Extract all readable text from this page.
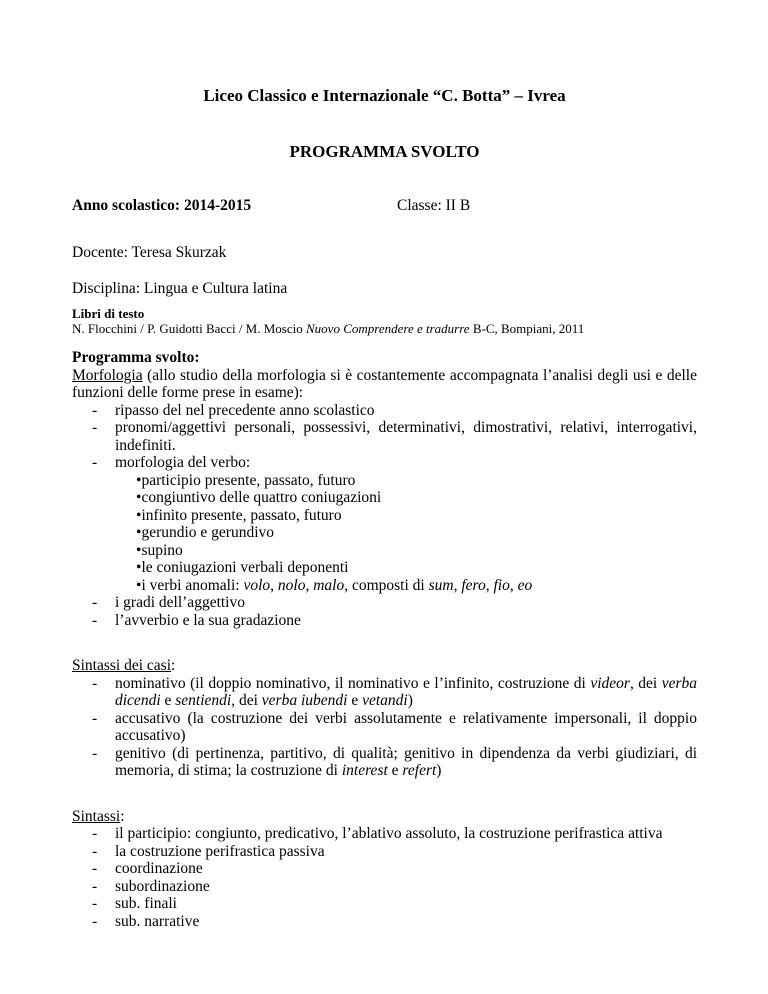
Liceo Classico e Internazionale “C. Botta” – Ivrea
PROGRAMMA SVOLTO
Anno scolastico: 2014-2015	Classe: II B
Docente: Teresa Skurzak
Disciplina: Lingua e Cultura latina
Libri di testo
N. Flocchini / P. Guidotti Bacci / M. Moscio Nuovo Comprendere e tradurre B-C, Bompiani, 2011
Programma svolto:
Morfologia (allo studio della morfologia si è costantemente accompagnata l’analisi degli usi e delle funzioni delle forme prese in esame):
- ripasso del nel precedente anno scolastico
- pronomi/aggettivi personali, possessivi, determinativi, dimostrativi, relativi, interrogativi, indefiniti.
- morfologia del verbo:
•participio presente, passato, futuro
•congiuntivo delle quattro coniugazioni
•infinito presente, passato, futuro
•gerundio e gerundivo
•supino
•le coniugazioni verbali deponenti
•i verbi anomali: volo, nolo, malo, composti di sum, fero, fio, eo
- i gradi dell’aggettivo
- l’avverbio e la sua gradazione
Sintassi dei casi:
- nominativo (il doppio nominativo, il nominativo e l’infinito, costruzione di videor, dei verba dicendi e sentiendi, dei verba iubendi e vetandi)
- accusativo (la costruzione dei verbi assolutamente e relativamente impersonali, il doppio accusativo)
- genitivo (di pertinenza, partitivo, di qualità; genitivo in dipendenza da verbi giudiziari, di memoria, di stima; la costruzione di interest e refert)
Sintassi:
- il participio: congiunto, predicativo, l’ablativo assoluto, la costruzione perifrastica attiva
- la costruzione perifrastica passiva
- coordinazione
- subordinazione
- sub. finali
- sub. narrative
